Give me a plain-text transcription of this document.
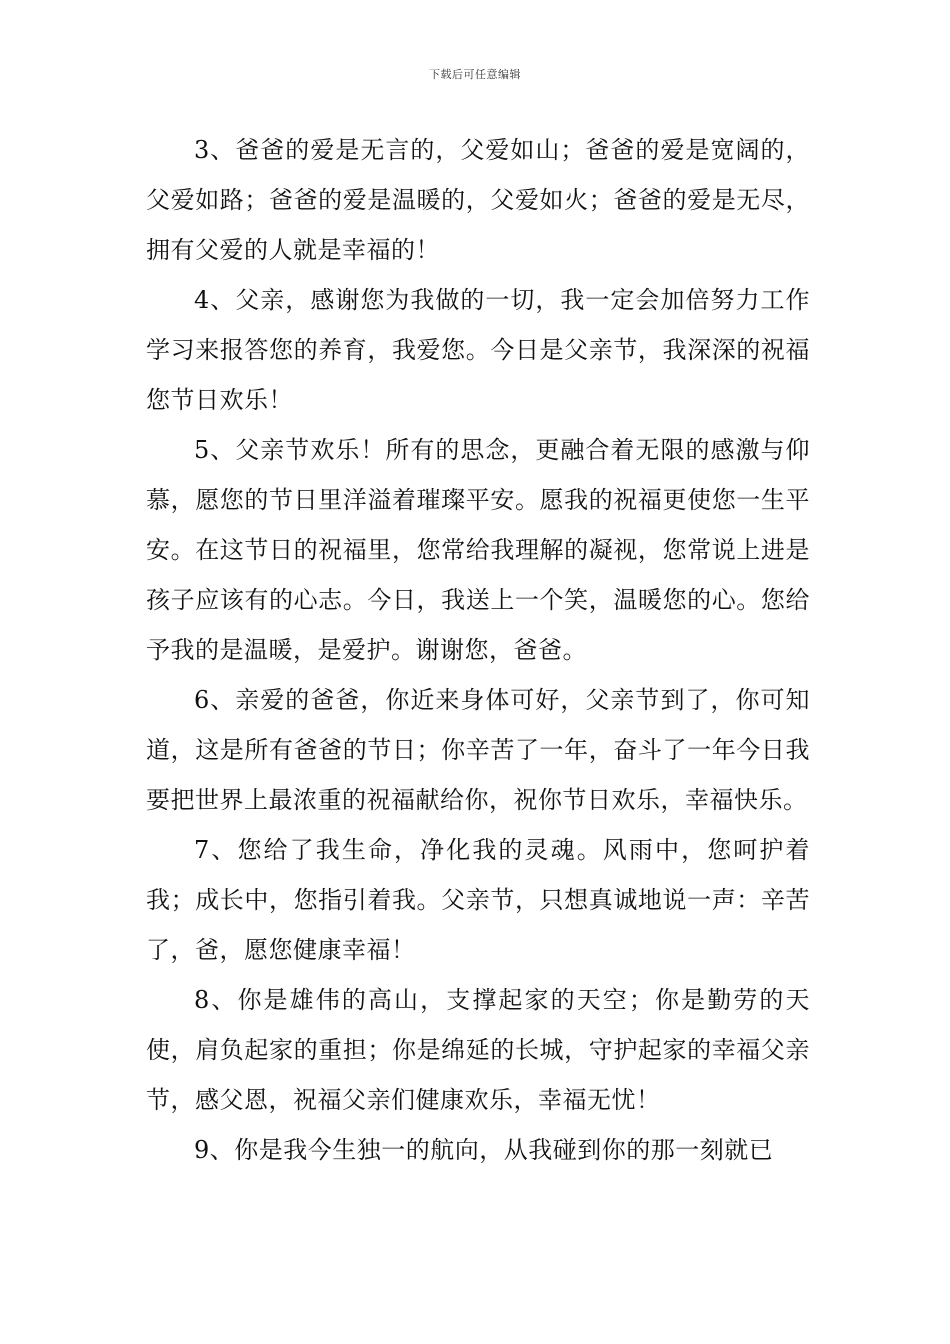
下载后可任意编辑

3、爸爸的爱是无言的，父爱如山；爸爸的爱是宽阔的，父爱如路；爸爸的爱是温暖的，父爱如火；爸爸的爱是无尽，拥有父爱的人就是幸福的！

4、父亲，感谢您为我做的一切，我一定会加倍努力工作学习来报答您的养育，我爱您。今日是父亲节，我深深的祝福您节日欢乐！

5、父亲节欢乐！所有的思念，更融合着无限的感激与仰慕，愿您的节日里洋溢着璀璨平安。愿我的祝福更使您一生平安。在这节日的祝福里，您常给我理解的凝视，您常说上进是孩子应该有的心志。今日，我送上一个笑，温暖您的心。您给予我的是温暖，是爱护。谢谢您，爸爸。

6、亲爱的爸爸，你近来身体可好，父亲节到了，你可知道，这是所有爸爸的节日；你辛苦了一年，奋斗了一年今日我要把世界上最浓重的祝福献给你，祝你节日欢乐，幸福快乐。

7、您给了我生命，净化我的灵魂。风雨中，您呵护着我；成长中，您指引着我。父亲节，只想真诚地说一声：辛苦了，爸，愿您健康幸福！

8、你是雄伟的高山，支撑起家的天空；你是勤劳的天使，肩负起家的重担；你是绵延的长城，守护起家的幸福父亲节，感父恩，祝福父亲们健康欢乐，幸福无忧！

9、你是我今生独一的航向，从我碰到你的那一刻就已
